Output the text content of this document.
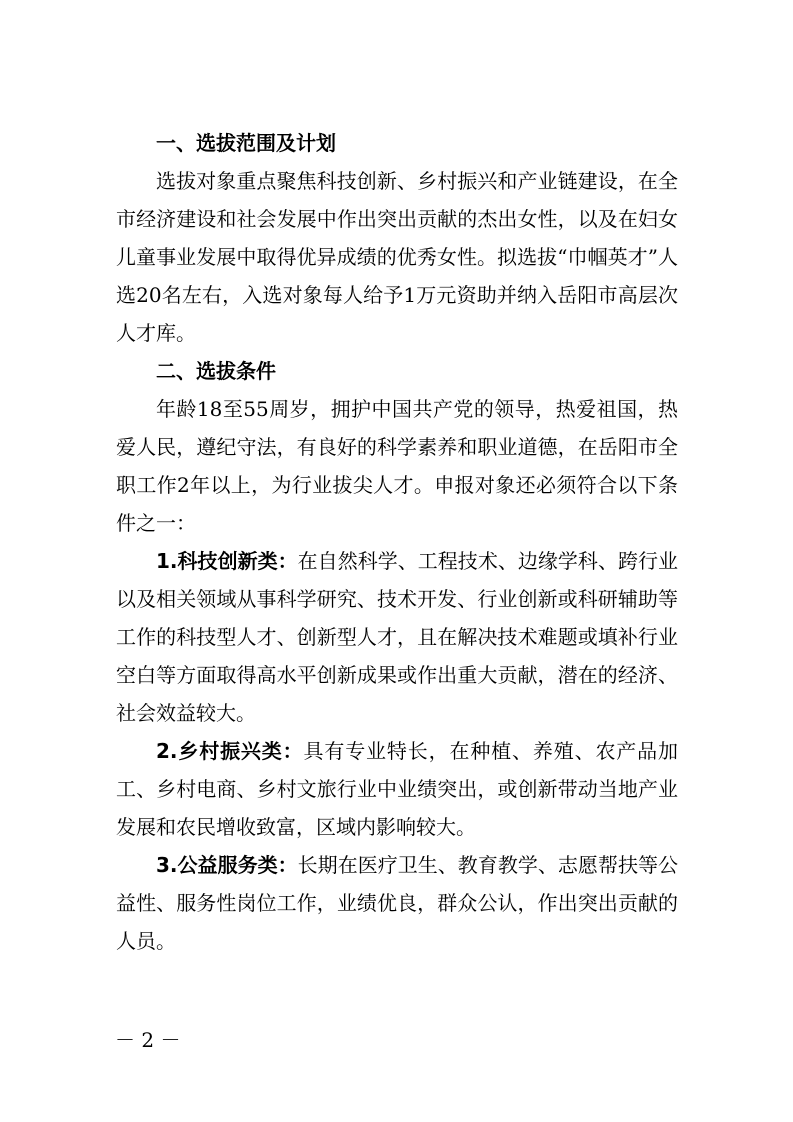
一、选拔范围及计划

选拔对象重点聚焦科技创新、乡村振兴和产业链建设，在全市经济建设和社会发展中作出突出贡献的杰出女性，以及在妇女儿童事业发展中取得优异成绩的优秀女性。拟选拔“巾帼英才”人选20名左右，入选对象每人给予1万元资助并纳入岳阳市高层次人才库。

二、选拔条件

年龄18至55周岁，拥护中国共产党的领导，热爱祖国，热爱人民，遵纪守法，有良好的科学素养和职业道德，在岳阳市全职工作2年以上，为行业拔尖人才。申报对象还必须符合以下条件之一：

1.科技创新类：在自然科学、工程技术、边缘学科、跨行业以及相关领域从事科学研究、技术开发、行业创新或科研辅助等工作的科技型人才、创新型人才，且在解决技术难题或填补行业空白等方面取得高水平创新成果或作出重大贡献，潜在的经济、社会效益较大。

2.乡村振兴类：具有专业特长，在种植、养殖、农产品加工、乡村电商、乡村文旅行业中业绩突出，或创新带动当地产业发展和农民增收致富，区域内影响较大。

3.公益服务类：长期在医疗卫生、教育教学、志愿帮扶等公益性、服务性岗位工作，业绩优良，群众公认，作出突出贡献的人员。

－ 2 －
